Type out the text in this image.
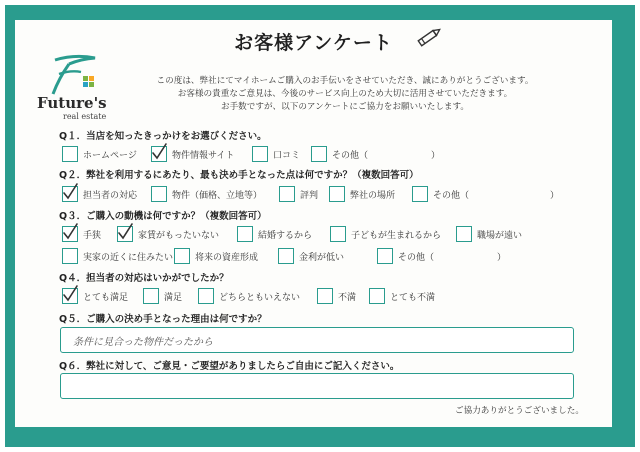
お客様アンケート
Future's
real estate
この度は、弊社にてマイホームご購入のお手伝いをさせていただき、誠にありがとうございます。
お客様の貴重なご意見は、今後のサービス向上のため大切に活用させていただきます。
お手数ですが、以下のアンケートにご協力をお願いいたします。
Q１．当店を知ったきっかけをお選びください。
ホームページ	物件情報サイト	口コミ	その他（　　　　　　　）
Q２．弊社を利用するにあたり、最も決め手となった点は何ですか？（複数回答可）
担当者の対応	物件（価格、立地等）	評判	弊社の場所	その他（　　　　　　　　　）
Q３．ご購入の動機は何ですか？（複数回答可）
手狭	家賃がもったいない	結婚するから	子どもが生まれるから	職場が遠い
実家の近くに住みたい 将来の資産形成	金利が低い	その他（　　　　　　　）
Q４．担当者の対応はいかがでしたか？
とても満足	満足	どちらともいえない	不満	とても不満
Q５．ご購入の決め手となった理由は何ですか？
条件に見合った物件だったから
Q６．弊社に対して、ご意見・ご要望がありましたらご自由にご記入ください。
ご協力ありがとうございました。
